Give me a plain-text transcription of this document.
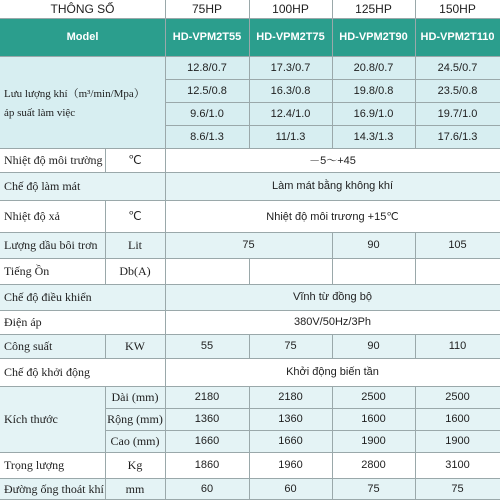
THÔNG SỐ	75HP	100HP	125HP	150HP
Model	HD-VPM2T55	HD-VPM2T75	HD-VPM2T90	HD-VPM2T110
Lưu lượng khí（m³/min/Mpa）
áp suất làm việc
12.8/0.7	17.3/0.7	20.8/0.7	24.5/0.7
12.5/0.8	16.3/0.8	19.8/0.8	23.5/0.8
9.6/1.0	12.4/1.0	16.9/1.0	19.7/1.0
8.6/1.3	11/1.3	14.3/1.3	17.6/1.3
Nhiệt độ môi trường	℃	－5～+45
Chế độ làm mát	Làm mát bằng không khí
Nhiệt độ xả	℃	Nhiệt độ môi trương +15℃
Lượng dầu bôi trơn	Lit	75	90	105
Tiếng Ồn	Db(A)
Chế độ điều khiển	Vĩnh từ đồng bộ
Điện áp	380V/50Hz/3Ph
Công suất	KW	55	75	90	110
Chế độ khởi động	Khởi động biến tần
Kích thước
Dài (mm)	2180	2180	2500	2500
Rộng (mm)	1360	1360	1600	1600
Cao (mm)	1660	1660	1900	1900
Trọng lượng	Kg	1860	1960	2800	3100
Đường ống thoát khí	mm	60	60	75	75
